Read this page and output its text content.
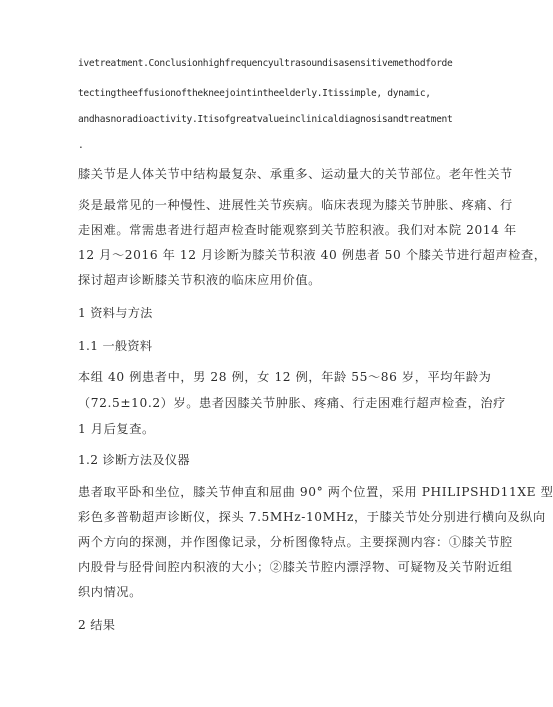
ivetreatment.Conclusionhighfrequencyultrasoundisasensitivemethodforde
tectingtheeffusionofthekneejointintheelderly.Itissimple, dynamic,
andhasnoradioactivity.Itisofgreatvalueinclinicaldiagnosisandtreatment
.
膝关节是人体关节中结构最复杂、承重多、运动量大的关节部位。老年性关节
炎是最常见的一种慢性、进展性关节疾病。临床表现为膝关节肿胀、疼痛、行
走困难。常需患者进行超声检查时能观察到关节腔积液。我们对本院 2014 年
12 月～2016 年 12 月诊断为膝关节积液 40 例患者 50 个膝关节进行超声检查，
探讨超声诊断膝关节积液的临床应用价值。
1 资料与方法
1.1 一般资料
本组 40 例患者中，男 28 例，女 12 例，年龄 55～86 岁，平均年龄为
（72.5±10.2）岁。患者因膝关节肿胀、疼痛、行走困难行超声检查，治疗
1 月后复查。
1.2 诊断方法及仪器
患者取平卧和坐位，膝关节伸直和屈曲 90° 两个位置，采用 PHILIPSHD11XE 型
彩色多普勒超声诊断仪，探头 7.5MHz-10MHz，于膝关节处分别进行横向及纵向
两个方向的探测，并作图像记录，分析图像特点。主要探测内容：①膝关节腔
内股骨与胫骨间腔内积液的大小；②膝关节腔内漂浮物、可疑物及关节附近组
织内情况。
2 结果
